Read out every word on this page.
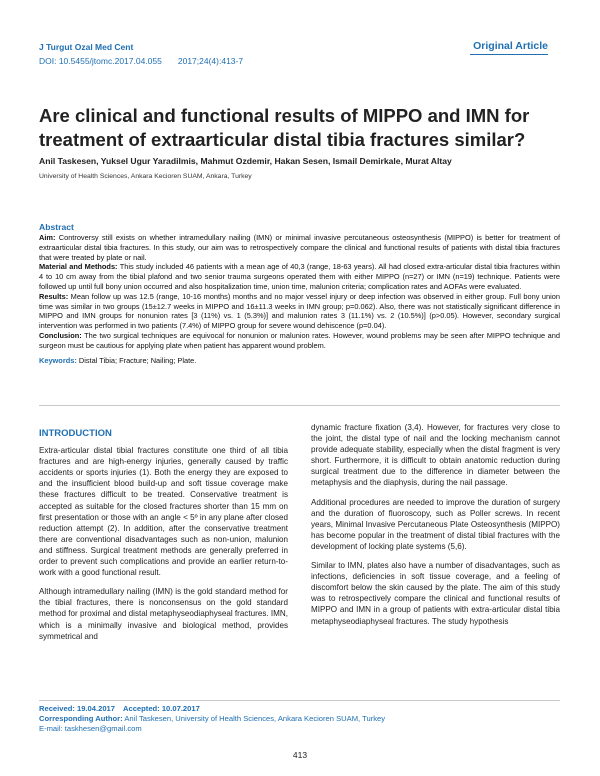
J Turgut Ozal Med Cent
DOI: 10.5455/jtomc.2017.04.055 2017;24(4):413-7
Original Article
Are clinical and functional results of MIPPO and IMN for treatment of extraarticular distal tibia fractures similar?
Anil Taskesen, Yuksel Ugur Yaradilmis, Mahmut Ozdemir, Hakan Sesen, Ismail Demirkale, Murat Altay
University of Health Sciences, Ankara Kecioren SUAM, Ankara, Turkey
Abstract

Aim: Controversy still exists on whether intramedullary nailing (IMN) or minimal invasive percutaneous osteosynthesis (MIPPO) is better for treatment of extraarticular distal tibia fractures. In this study, our aim was to retrospectively compare the clinical and functional results of patients with distal tibia fractures that were treated by plate or nail.

Material and Methods: This study included 46 patients with a mean age of 40,3 (range, 18-63 years). All had closed extra-articular distal tibia fractures within 4 to 10 cm away from the tibial plafond and two senior trauma surgeons operated them with either MIPPO (n=27) or IMN (n=19) technique. Patients were followed up until full bony union occurred and also hospitalization time, union time, malunion criteria; complication rates and AOFAs were evaluated.

Results: Mean follow up was 12.5 (range, 10-16 months) months and no major vessel injury or deep infection was observed in either group. Full bony union time was similar in two groups (15±12.7 weeks in MIPPO and 16±11.3 weeks in IMN group; p=0.062). Also, there was not statistically significant difference in MIPPO and IMN groups for nonunion rates [3 (11%) vs. 1 (5.3%)] and malunion rates 3 (11.1%) vs. 2 (10.5%)] (p>0.05). However, secondary surgical intervention was performed in two patients (7.4%) of MIPPO group for severe wound dehiscence (p=0.04).

Conclusion: The two surgical techniques are equivocal for nonunion or malunion rates. However, wound problems may be seen after MIPPO technique and surgeon must be cautious for applying plate when patient has apparent wound problem.

Keywords: Distal Tibia; Fracture; Nailing; Plate.
INTRODUCTION

Extra-articular distal tibial fractures constitute one third of all tibia fractures and are high-energy injuries, generally caused by traffic accidents or sports injuries (1). Both the energy they are exposed to and the insufficient blood build-up and soft tissue coverage make these fractures difficult to be treated. Conservative treatment is accepted as suitable for the closed fractures shorter than 15 mm on first presentation or those with an angle < 5º in any plane after closed reduction attempt (2). In addition, after the conservative treatment there are conventional disadvantages such as non-union, malunion and stiffness. Surgical treatment methods are generally preferred in order to prevent such complications and provide an earlier return-to-work with a good functional result.

Although intramedullary nailing (IMN) is the gold standard method for the tibial fractures, there is nonconsensus on the gold standard method for proximal and distal metaphyseodiaphyseal fractures. IMN, which is a minimally invasive and biological method, provides symmetrical and

dynamic fracture fixation (3,4). However, for fractures very close to the joint, the distal type of nail and the locking mechanism cannot provide adequate stability, especially when the distal fragment is very short. Furthermore, it is difficult to obtain anatomic reduction during surgical treatment due to the difference in diameter between the metaphysis and the diaphysis, during the nail passage.

Additional procedures are needed to improve the duration of surgery and the duration of fluoroscopy, such as Poller screws. In recent years, Minimal Invasive Percutaneous Plate Osteosynthesis (MIPPO) has become popular in the treatment of distal tibial fractures with the development of locking plate systems (5,6).

Similar to IMN, plates also have a number of disadvantages, such as infections, deficiencies in soft tissue coverage, and a feeling of discomfort below the skin caused by the plate. The aim of this study was to retrospectively compare the clinical and functional results of MIPPO and IMN in a group of patients with extra-articular distal tibia metaphyseodiaphyseal fractures. The study hypothesis

Received: 19.04.2017 Accepted: 10.07.2017
Corresponding Author: Anil Taskesen, University of Health Sciences, Ankara Kecioren SUAM, Turkey
E-mail: taskhesen@gmail.com
413
